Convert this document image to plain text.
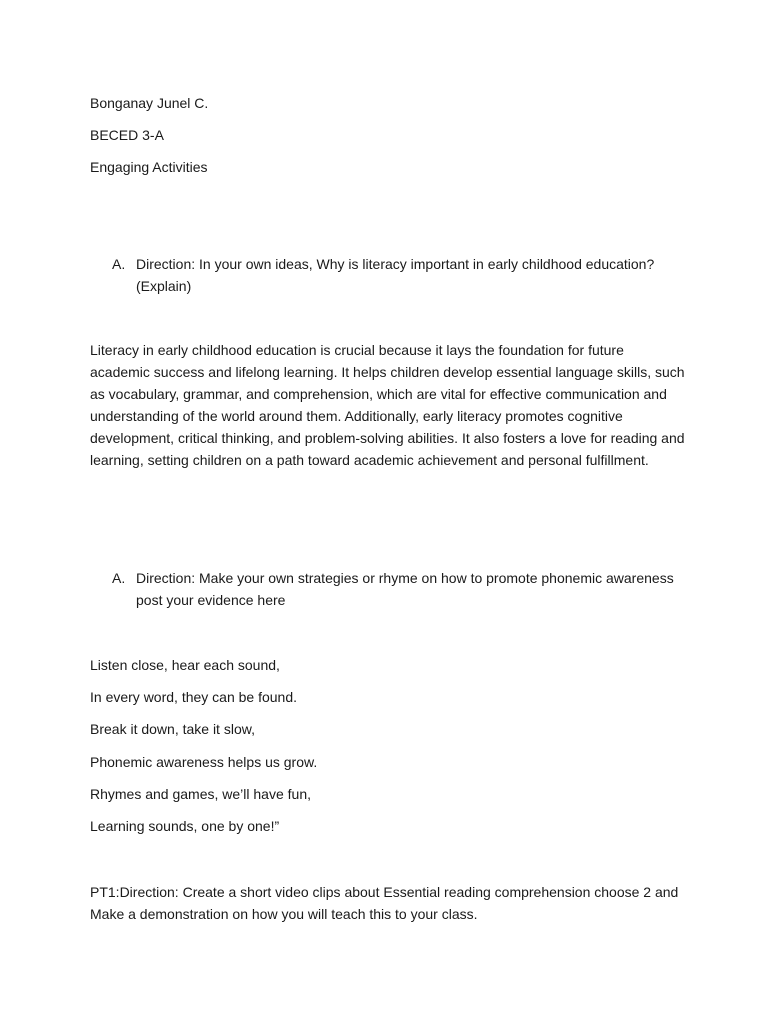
Bonganay Junel C.
BECED 3-A
Engaging Activities
A. Direction: In your own ideas, Why is literacy important in early childhood education? (Explain)
Literacy in early childhood education is crucial because it lays the foundation for future academic success and lifelong learning. It helps children develop essential language skills, such as vocabulary, grammar, and comprehension, which are vital for effective communication and understanding of the world around them. Additionally, early literacy promotes cognitive development, critical thinking, and problem-solving abilities. It also fosters a love for reading and learning, setting children on a path toward academic achievement and personal fulfillment.
A. Direction: Make your own strategies or rhyme on how to promote phonemic awareness post your evidence here
Listen close, hear each sound,
In every word, they can be found.
Break it down, take it slow,
Phonemic awareness helps us grow.
Rhymes and games, we’ll have fun,
Learning sounds, one by one!”
PT1:Direction: Create a short video clips about Essential reading comprehension choose 2 and Make a demonstration on how you will teach this to your class.
